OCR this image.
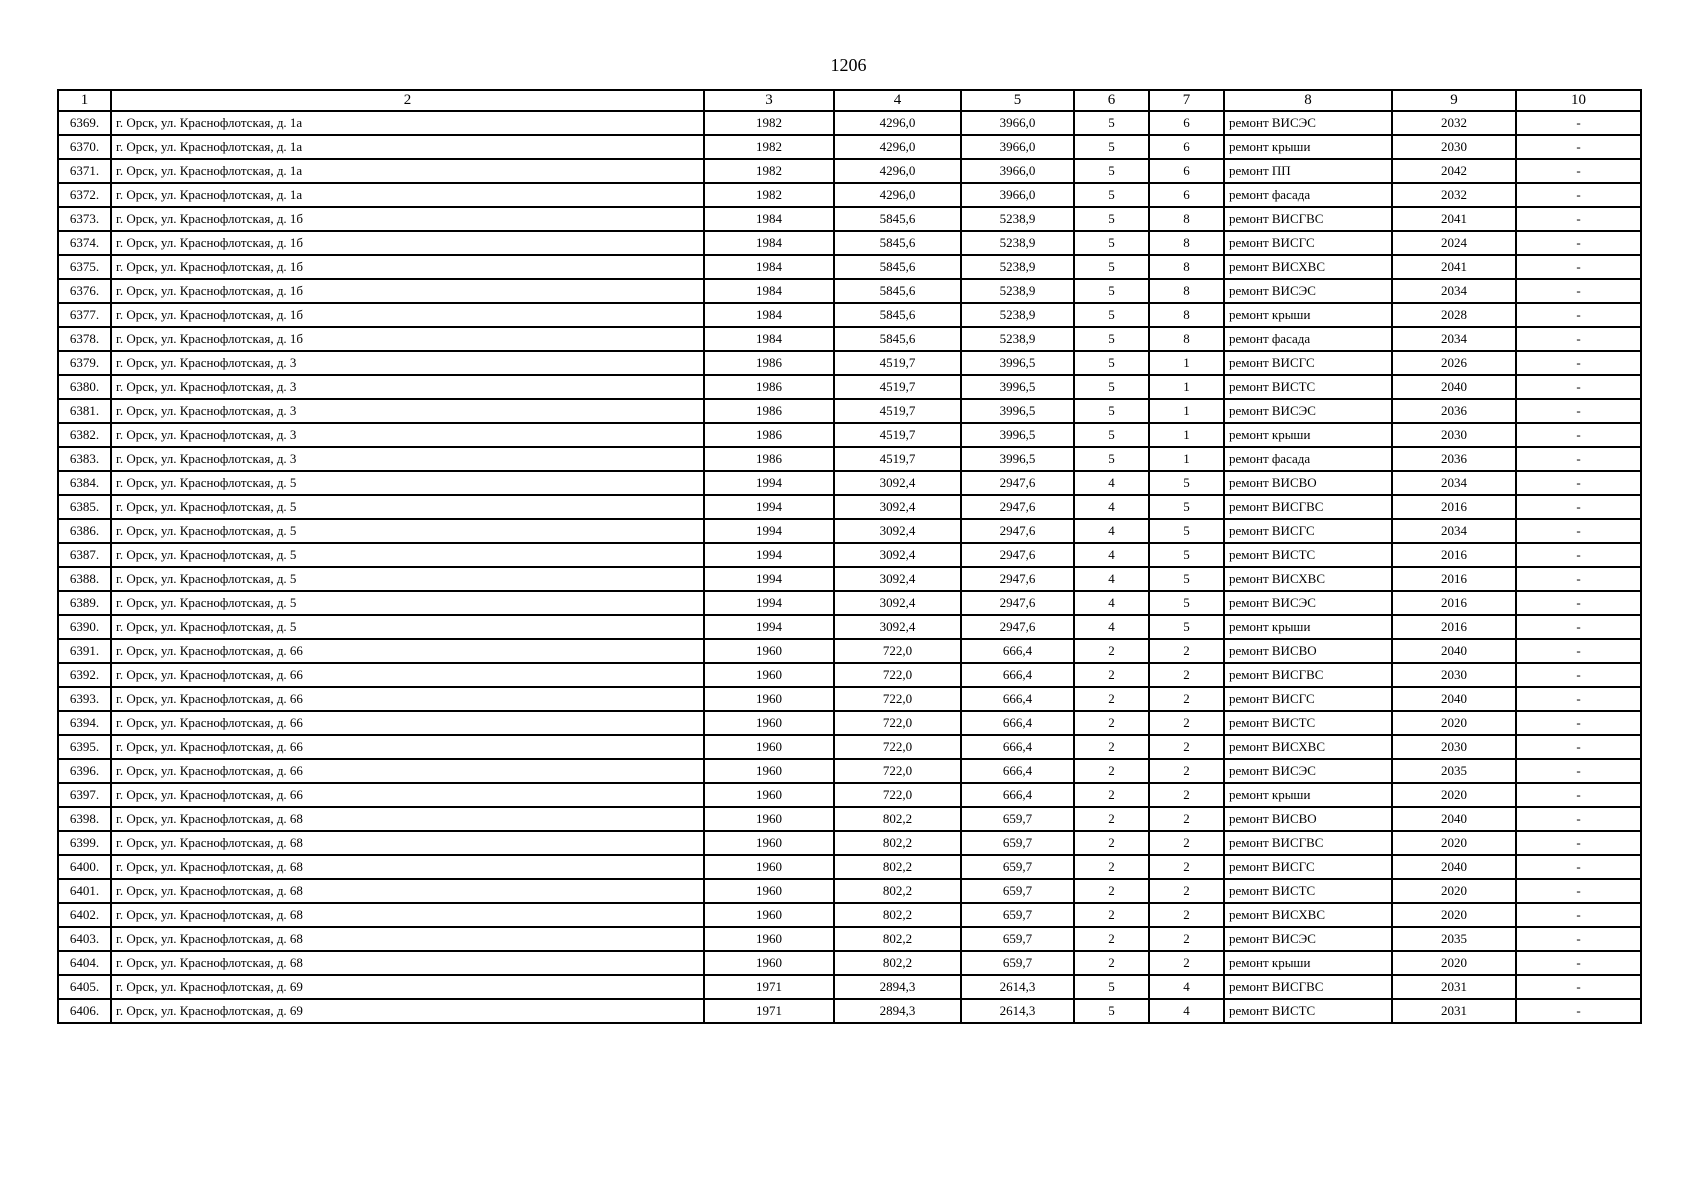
1206
1	2	3	4	5	6	7	8	9	10
6369.	г. Орск, ул. Краснофлотская, д. 1а	1982	4296,0	3966,0	5	6	ремонт ВИСЭС	2032	-
6370.	г. Орск, ул. Краснофлотская, д. 1а	1982	4296,0	3966,0	5	6	ремонт крыши	2030	-
6371.	г. Орск, ул. Краснофлотская, д. 1а	1982	4296,0	3966,0	5	6	ремонт ПП	2042	-
6372.	г. Орск, ул. Краснофлотская, д. 1а	1982	4296,0	3966,0	5	6	ремонт фасада	2032	-
6373.	г. Орск, ул. Краснофлотская, д. 1б	1984	5845,6	5238,9	5	8	ремонт ВИСГВС	2041	-
6374.	г. Орск, ул. Краснофлотская, д. 1б	1984	5845,6	5238,9	5	8	ремонт ВИСГС	2024	-
6375.	г. Орск, ул. Краснофлотская, д. 1б	1984	5845,6	5238,9	5	8	ремонт ВИСХВС	2041	-
6376.	г. Орск, ул. Краснофлотская, д. 1б	1984	5845,6	5238,9	5	8	ремонт ВИСЭС	2034	-
6377.	г. Орск, ул. Краснофлотская, д. 1б	1984	5845,6	5238,9	5	8	ремонт крыши	2028	-
6378.	г. Орск, ул. Краснофлотская, д. 1б	1984	5845,6	5238,9	5	8	ремонт фасада	2034	-
6379.	г. Орск, ул. Краснофлотская, д. 3	1986	4519,7	3996,5	5	1	ремонт ВИСГС	2026	-
6380.	г. Орск, ул. Краснофлотская, д. 3	1986	4519,7	3996,5	5	1	ремонт ВИСТС	2040	-
6381.	г. Орск, ул. Краснофлотская, д. 3	1986	4519,7	3996,5	5	1	ремонт ВИСЭС	2036	-
6382.	г. Орск, ул. Краснофлотская, д. 3	1986	4519,7	3996,5	5	1	ремонт крыши	2030	-
6383.	г. Орск, ул. Краснофлотская, д. 3	1986	4519,7	3996,5	5	1	ремонт фасада	2036	-
6384.	г. Орск, ул. Краснофлотская, д. 5	1994	3092,4	2947,6	4	5	ремонт ВИСВО	2034	-
6385.	г. Орск, ул. Краснофлотская, д. 5	1994	3092,4	2947,6	4	5	ремонт ВИСГВС	2016	-
6386.	г. Орск, ул. Краснофлотская, д. 5	1994	3092,4	2947,6	4	5	ремонт ВИСГС	2034	-
6387.	г. Орск, ул. Краснофлотская, д. 5	1994	3092,4	2947,6	4	5	ремонт ВИСТС	2016	-
6388.	г. Орск, ул. Краснофлотская, д. 5	1994	3092,4	2947,6	4	5	ремонт ВИСХВС	2016	-
6389.	г. Орск, ул. Краснофлотская, д. 5	1994	3092,4	2947,6	4	5	ремонт ВИСЭС	2016	-
6390.	г. Орск, ул. Краснофлотская, д. 5	1994	3092,4	2947,6	4	5	ремонт крыши	2016	-
6391.	г. Орск, ул. Краснофлотская, д. 66	1960	722,0	666,4	2	2	ремонт ВИСВО	2040	-
6392.	г. Орск, ул. Краснофлотская, д. 66	1960	722,0	666,4	2	2	ремонт ВИСГВС	2030	-
6393.	г. Орск, ул. Краснофлотская, д. 66	1960	722,0	666,4	2	2	ремонт ВИСГС	2040	-
6394.	г. Орск, ул. Краснофлотская, д. 66	1960	722,0	666,4	2	2	ремонт ВИСТС	2020	-
6395.	г. Орск, ул. Краснофлотская, д. 66	1960	722,0	666,4	2	2	ремонт ВИСХВС	2030	-
6396.	г. Орск, ул. Краснофлотская, д. 66	1960	722,0	666,4	2	2	ремонт ВИСЭС	2035	-
6397.	г. Орск, ул. Краснофлотская, д. 66	1960	722,0	666,4	2	2	ремонт крыши	2020	-
6398.	г. Орск, ул. Краснофлотская, д. 68	1960	802,2	659,7	2	2	ремонт ВИСВО	2040	-
6399.	г. Орск, ул. Краснофлотская, д. 68	1960	802,2	659,7	2	2	ремонт ВИСГВС	2020	-
6400.	г. Орск, ул. Краснофлотская, д. 68	1960	802,2	659,7	2	2	ремонт ВИСГС	2040	-
6401.	г. Орск, ул. Краснофлотская, д. 68	1960	802,2	659,7	2	2	ремонт ВИСТС	2020	-
6402.	г. Орск, ул. Краснофлотская, д. 68	1960	802,2	659,7	2	2	ремонт ВИСХВС	2020	-
6403.	г. Орск, ул. Краснофлотская, д. 68	1960	802,2	659,7	2	2	ремонт ВИСЭС	2035	-
6404.	г. Орск, ул. Краснофлотская, д. 68	1960	802,2	659,7	2	2	ремонт крыши	2020	-
6405.	г. Орск, ул. Краснофлотская, д. 69	1971	2894,3	2614,3	5	4	ремонт ВИСГВС	2031	-
6406.	г. Орск, ул. Краснофлотская, д. 69	1971	2894,3	2614,3	5	4	ремонт ВИСТС	2031	-
